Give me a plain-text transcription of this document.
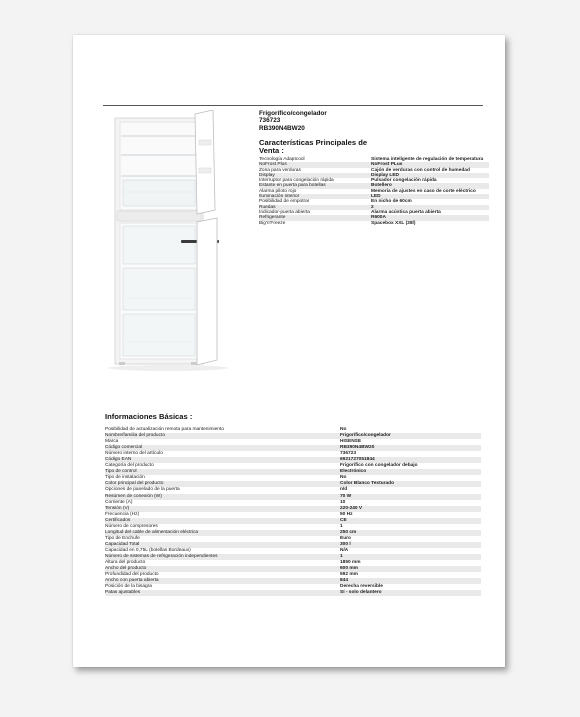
Frigorífico/congelador
736723
RB390N4BW20
Características Principales de Venta :
Tecnología Adaptcool	Sistema inteligente de regulación de temperatura
NoFrost Plus	NoFrost PLus
Zona para verduras	Cajón de verduras con control de humedad
Display	Display LED
Interruptor para congelación rápida	Pulsador congelación rápida
Estante en puerta para botellas	Botellero
Alarma piloto rojo	Memoria de ajustes en caso de corte eléctrico
Iluminación interior	LED
Posibilidad de empotrar	En nicho de 60cm
Ruedas	2
Indicador-puerta abierta	Alarma acústica puerta abierta
Refrigerante	R600A
Big'n'Freeze	Spacebox XXL (38l)
Informaciones Básicas :
Posibilidad de actualización remota para mantenimiento	No
Nombre/familia del producto	Frigorífico/congelador
Marca	HISENSE
Código comercial	RB390N4BW20
Número interno del artículo	736723
Código EAN	6921727051844
Categoría del producto	Frigorífico con congelador debajo
Tipo de control	Electrónico
Tipo de instalación	No
Color principal del producto	Color Blanco Texturado
Opciones de panelado de la puerta	n/d
Resúmen de conexión (W)	70 W
Corriente (A)	10
Tensión (V)	220-240 V
Frecuencia (Hz)	50 Hz
Certificados	CE
Número de compresores	1
Longitud del cable de alimentación eléctrica	250 cm
Tipo de Enchufe	Euro
Capacidad Total	300 l
Capacidad en 0,75L (botellas Bordeaux)	N/A
Número de sistemas de refrigeración independientes	1
Altura del producto	1850 mm
Ancho del producto	600 mm
Profundidad del producto	592 mm
Ancho con puerta abierta	844
Posición de la bisagra	Derecha reversible
Patas ajustables	Sí - solo delantero
